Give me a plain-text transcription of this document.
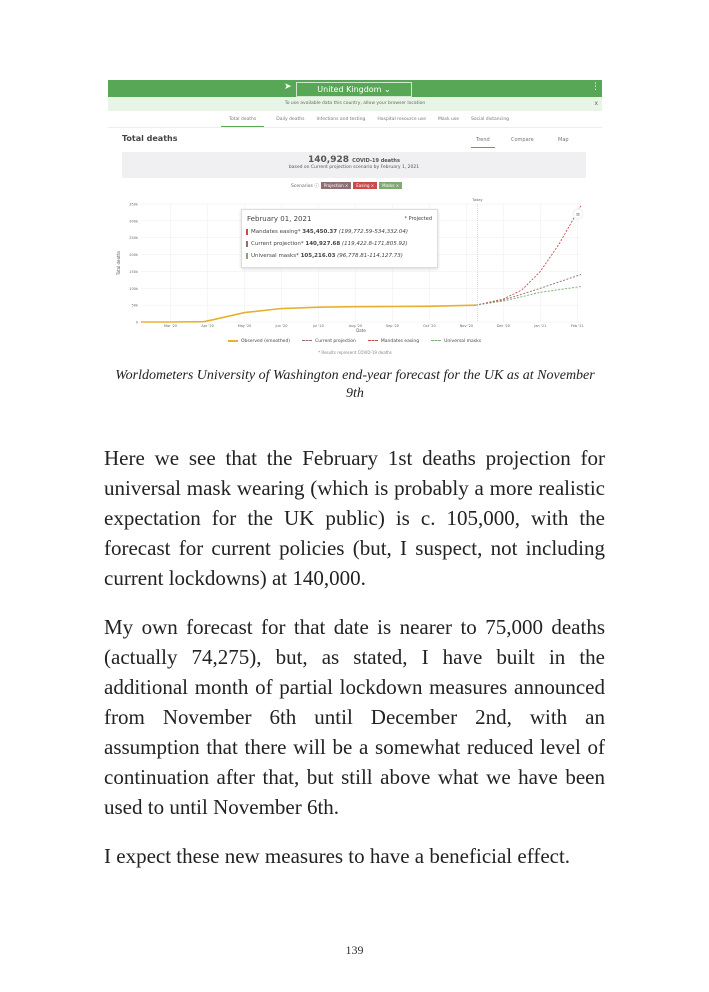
➤	United Kingdom ⌄	⋮
To use available data this country, allow your browser location	x
Total deaths	Daily deaths	Infections and testing	Hospital resource use	Mask use	Social distancing
Total deaths	Trend	Compare	Map
140,928 COVID-19 deaths
based on Current projection scenario by February 1, 2021
Scenarios ⓘ	Projection ×	Easing ×	Masks ×
0
50k
100k
150k
200k
250k
300k
350k
Mar '20	Apr '20	May '20	Jun '20	Jul '20	Aug '20	Sep '20	Oct '20	Nov '20	Dec '20	Jan '21	Feb '21
Date
Total deaths
Today
≡
February 01, 2021	* Projected
Mandates easing* 345,450.37 (199,772.59-534,332.04)
Current projection* 140,927.68 (119,422.8-171,805.92)
Universal masks* 105,216.03 (96,778.81-114,127.73)
Observed (smoothed)	Current projection	Mandates easing	Universal masks
* Results represent COVID-19 deaths
Worldometers University of Washington end-year forecast for the UK as at November 9th

Here we see that the February 1st deaths projection for universal mask wearing (which is probably a more realistic expectation for the UK public) is c. 105,000, with the forecast for current policies (but, I suspect, not including current lockdowns) at 140,000.

My own forecast for that date is nearer to 75,000 deaths (actually 74,275), but, as stated, I have built in the additional month of partial lockdown measures announced from November 6th until December 2nd, with an assumption that there will be a somewhat reduced level of continuation after that, but still above what we have been used to until November 6th.

I expect these new measures to have a beneficial effect.

139
